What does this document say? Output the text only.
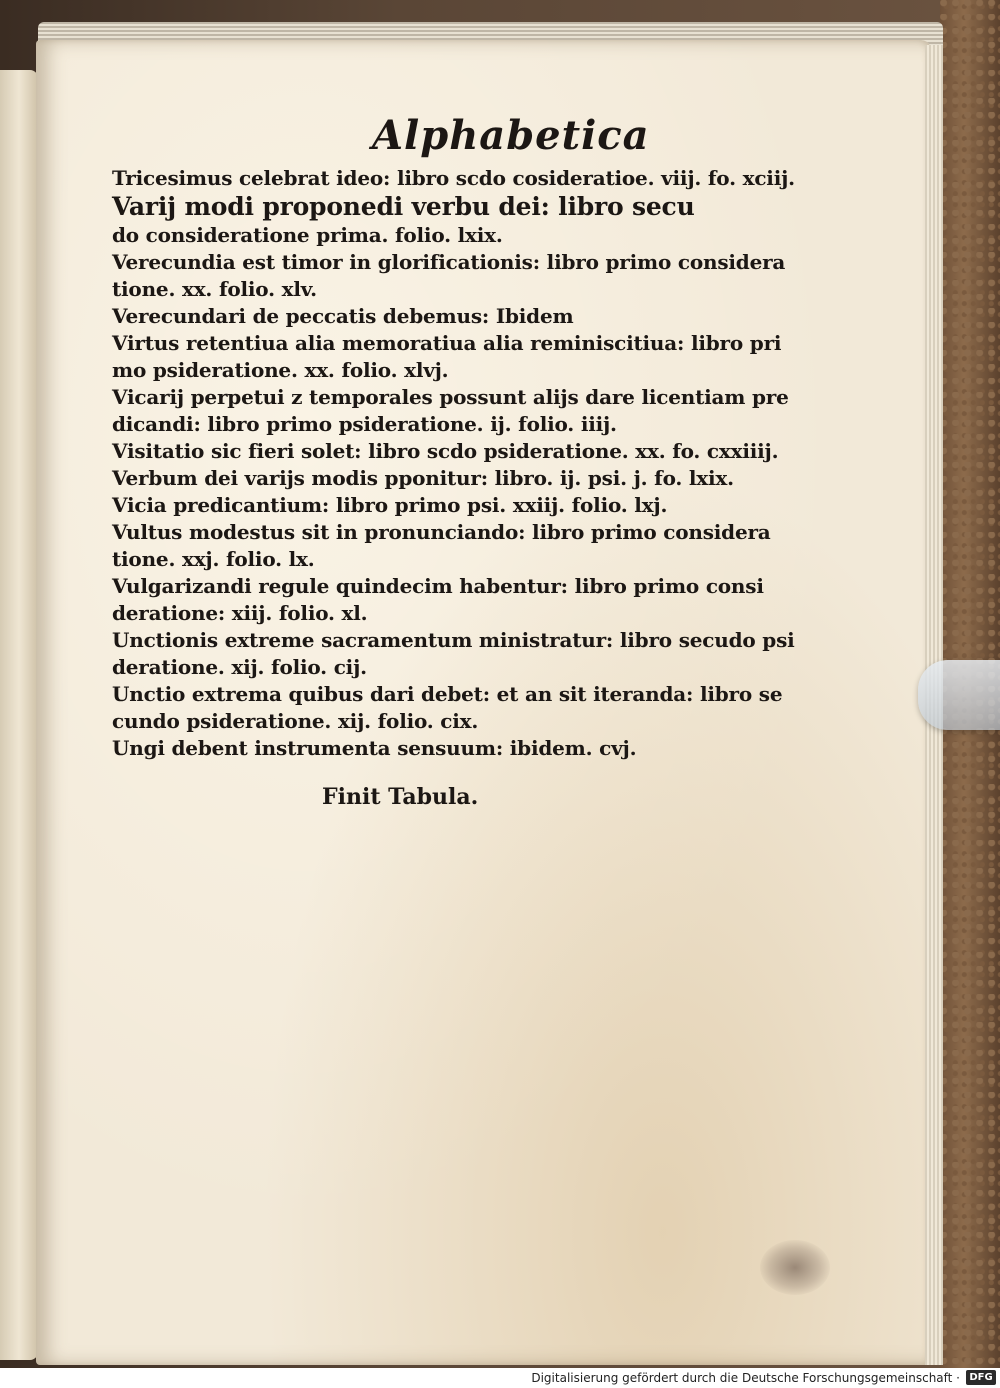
Alphabetica
Tricesimus celebrat ideo: libro scdo cosideratioe. viij. fo. xciij.
Varij modi proponedi verbu dei: libro secu
do consideratione prima. folio. lxix.
Verecundia est timor in glorificationis: libro primo considera
tione. xx. folio. xlv.
Verecundari de peccatis debemus: Ibidem
Virtus retentiua alia memoratiua alia reminiscitiua: libro pri
mo psideratione. xx. folio. xlvj.
Vicarij perpetui z temporales possunt alijs dare licentiam pre
dicandi: libro primo psideratione. ij. folio. iiij.
Visitatio sic fieri solet: libro scdo psideratione. xx. fo. cxxiiij.
Verbum dei varijs modis pponitur: libro. ij. psi. j. fo. lxix.
Vicia predicantium: libro primo psi. xxiij. folio. lxj.
Vultus modestus sit in pronunciando: libro primo considera
tione. xxj. folio. lx.
Vulgarizandi regule quindecim habentur: libro primo consi
deratione: xiij. folio. xl.
Unctionis extreme sacramentum ministratur: libro secudo psi
deratione. xij. folio. cij.
Unctio extrema quibus dari debet: et an sit iteranda: libro se
cundo psideratione. xij. folio. cix.
Ungi debent instrumenta sensuum: ibidem. cvj.
Finit Tabula.
Digitalisierung gefördert durch die Deutsche Forschungsgemeinschaft · DFG
